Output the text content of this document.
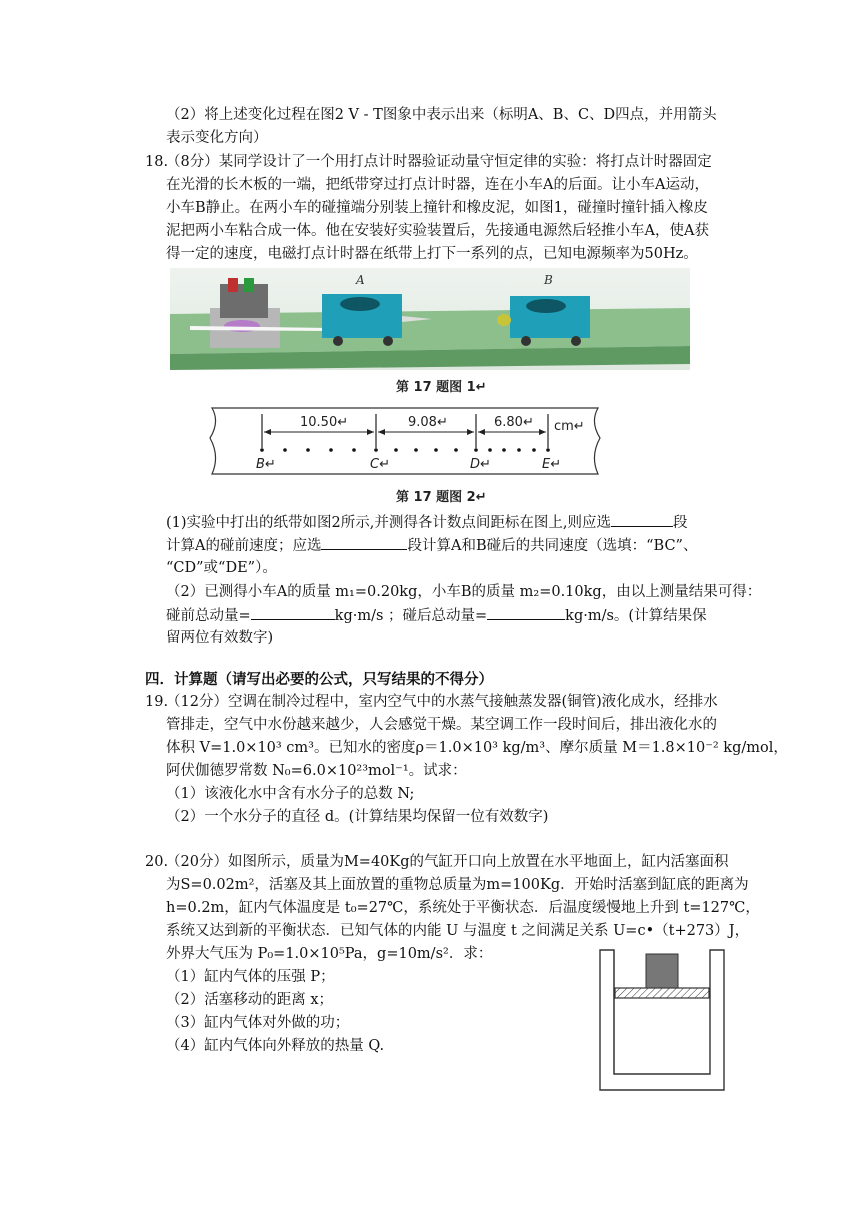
（2）将上述变化过程在图2 V - T图象中表示出来（标明A、B、C、D四点，并用箭头
表示变化方向）
18.
（8分）某同学设计了一个用打点计时器验证动量守恒定律的实验：将打点计时器固定
在光滑的长木板的一端，把纸带穿过打点计时器，连在小车A的后面。让小车A运动，
小车B静止。在两小车的碰撞端分别装上撞针和橡皮泥，如图1，碰撞时撞针插入橡皮
泥把两小车粘合成一体。他在安装好实验装置后，先接通电源然后轻推小车A，使A获
得一定的速度，电磁打点计时器在纸带上打下一系列的点，已知电源频率为50Hz。
A	B
第 17 题图 1↵
10.50↵	9.08↵	6.80↵ cm↵
B↵	C↵	D↵	E↵
第 17 题图 2↵
(1)实验中打出的纸带如图2所示,并测得各计数点间距标在图上,则应选	段
计算A的碰前速度；应选	段计算A和B碰后的共同速度（选填：“BC”、
“CD”或“DE”）。
（2）已测得小车A的质量 m₁=0.20kg，小车B的质量 m₂=0.10kg，由以上测量结果可得：
碰前总动量=	kg·m/s ；碰后总动量=	kg·m/s。(计算结果保
留两位有效数字)
四．计算题（请写出必要的公式，只写结果的不得分）
19.
（12分）空调在制冷过程中，室内空气中的水蒸气接触蒸发器(铜管)液化成水，经排水
管排走，空气中水份越来越少，人会感觉干燥。某空调工作一段时间后，排出液化水的
体积 V=1.0×10³ cm³。已知水的密度ρ＝1.0×10³ kg/m³、摩尔质量 M＝1.8×10⁻² kg/mol，
阿伏伽德罗常数 N₀=6.0×10²³mol⁻¹。试求：
（1）该液化水中含有水分子的总数 N;
（2）一个水分子的直径 d。(计算结果均保留一位有效数字)
20.
（20分）如图所示，质量为M=40Kg的气缸开口向上放置在水平地面上，缸内活塞面积
为S=0.02m²，活塞及其上面放置的重物总质量为m=100Kg．开始时活塞到缸底的距离为
h=0.2m，缸内气体温度是 t₀=27℃，系统处于平衡状态．后温度缓慢地上升到 t=127℃，
系统又达到新的平衡状态．已知气体的内能 U 与温度 t 之间满足关系 U=c•（t+273）J，
外界大气压为 P₀=1.0×10⁵Pa，g=10m/s²．求：
（1）缸内气体的压强 P；
（2）活塞移动的距离 x；
（3）缸内气体对外做的功；
（4）缸内气体向外释放的热量 Q.
